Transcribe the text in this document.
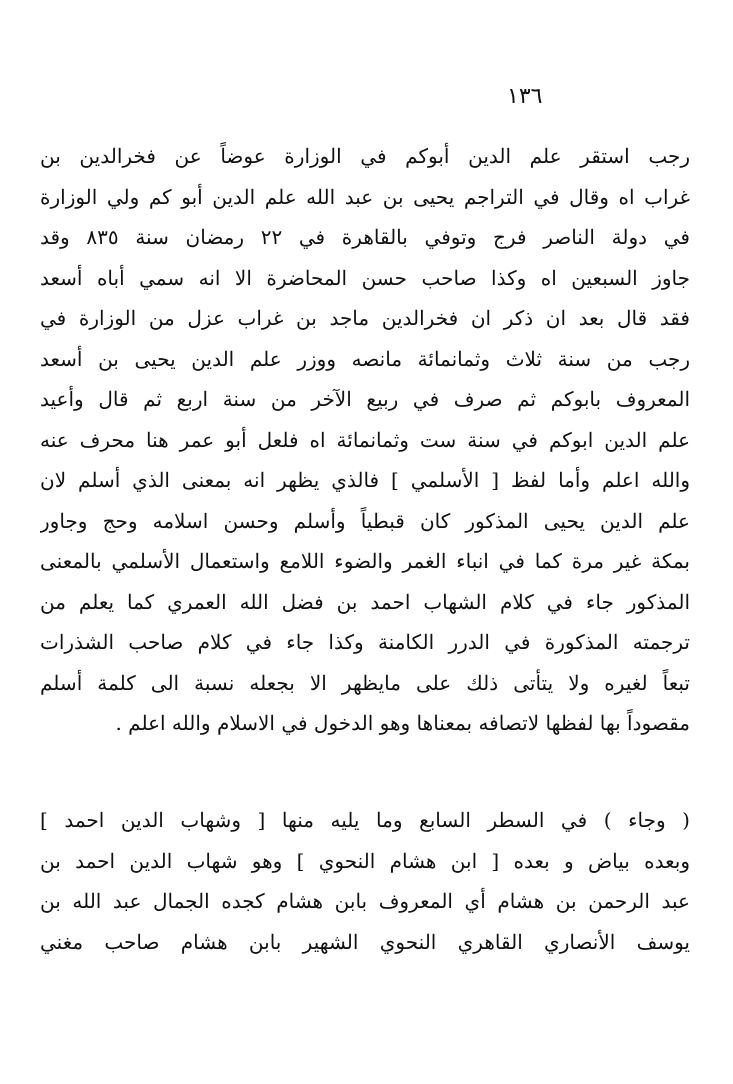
١٣٦
رجب استقر علم الدين أبوكم في الوزارة عوضاً عن فخرالدين بن
غراب اه وقال في التراجم يحيى بن عبد الله علم الدين أبو كم ولي الوزارة
في دولة الناصر فرج وتوفي بالقاهرة في ٢٢ رمضان سنة ٨٣٥ وقد
جاوز السبعين اه وكذا صاحب حسن المحاضرة الا انه سمي أباه أسعد
فقد قال بعد ان ذكر ان فخرالدين ماجد بن غراب عزل من الوزارة في
رجب من سنة ثلاث وثمانمائة مانصه ووزر علم الدين يحيى بن أسعد
المعروف بابوكم ثم صرف في ربيع الآخر من سنة اربع ثم قال وأعيد
علم الدين ابوكم في سنة ست وثمانمائة اه فلعل أبو عمر هنا محرف عنه
والله اعلم وأما لفظ [ الأسلمي ] فالذي يظهر انه بمعنى الذي أسلم لان
علم الدين يحيى المذكور كان قبطياً وأسلم وحسن اسلامه وحج وجاور
بمكة غير مرة كما في انباء الغمر والضوء اللامع واستعمال الأسلمي بالمعنى
المذكور جاء في كلام الشهاب احمد بن فضل الله العمري كما يعلم من
ترجمته المذكورة في الدرر الكامنة وكذا جاء في كلام صاحب الشذرات
تبعاً لغيره ولا يتأتى ذلك على مايظهر الا بجعله نسبة الى كلمة أسلم
مقصوداً بها لفظها لاتصافه بمعناها وهو الدخول في الاسلام والله اعلم .
( وجاء ) في السطر السابع وما يليه منها [ وشهاب الدين احمد ]
وبعده بياض و بعده [ ابن هشام النحوي ] وهو شهاب الدين احمد بن
عبد الرحمن بن هشام أي المعروف بابن هشام كجده الجمال عبد الله بن
يوسف الأنصاري القاهري النحوي الشهير بابن هشام صاحب مغني
